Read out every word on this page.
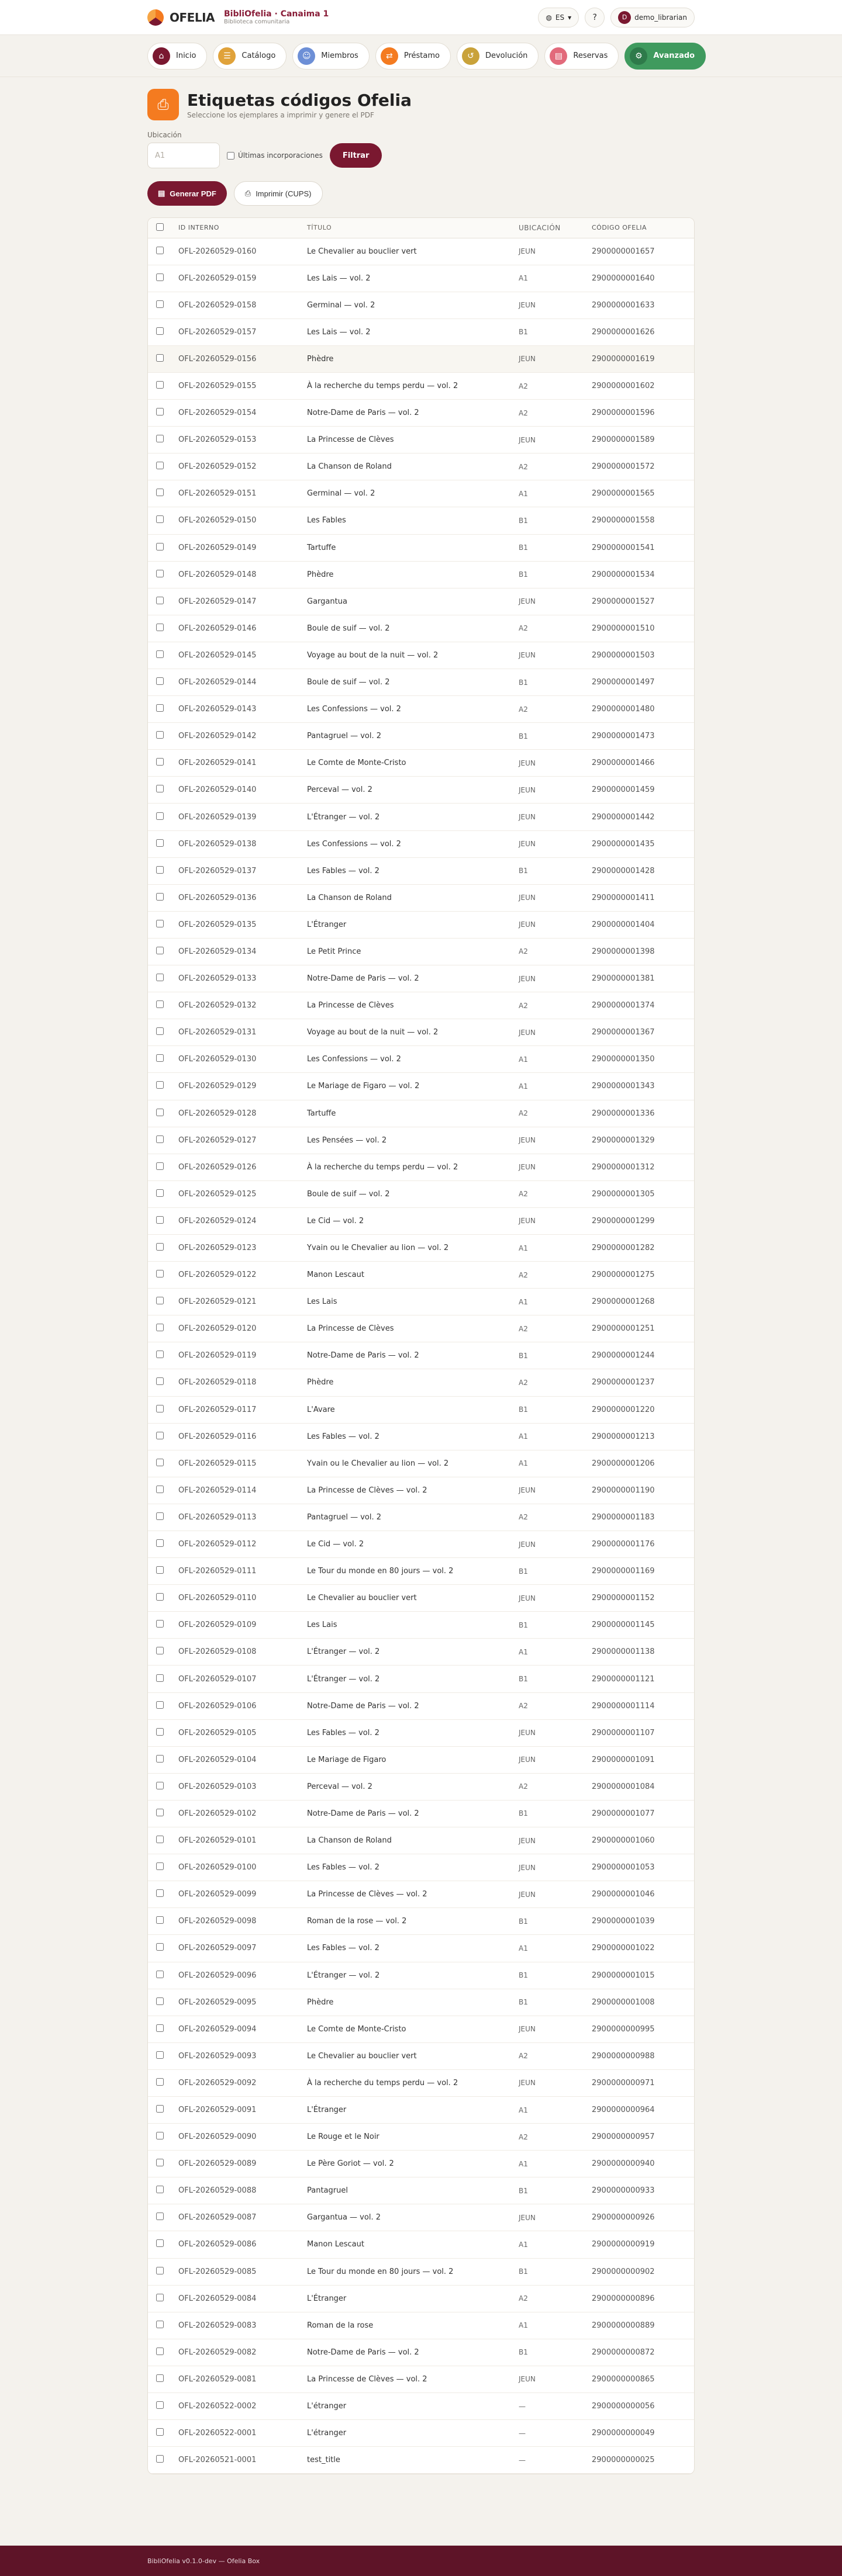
OFELIA BibliOfelia · Canaima 1
Biblioteca comunitaria
◍ ES ▾	?	D	demo_librarian
⌂	Inicio	☰	Catálogo	☺	Miembros	⇄	Préstamo	↺	Devolución	▤	Reservas	⚙	Avanzado
⎙	Etiquetas códigos Ofelia
Seleccione los ejemplares a imprimir y genere el PDF
Ubicación
A1
Últimas incorporaciones	Filtrar
▤ Generar PDF	⎙ Imprimir (CUPS)
	ID INTERNO	TÍTULO	UBICACIÓN	CÓDIGO OFELIA
	OFL-20260529-0160	Le Chevalier au bouclier vert	JEUN	2900000001657
	OFL-20260529-0159	Les Lais — vol. 2	A1	2900000001640
	OFL-20260529-0158	Germinal — vol. 2	JEUN	2900000001633
	OFL-20260529-0157	Les Lais — vol. 2	B1	2900000001626
	OFL-20260529-0156	Phèdre	JEUN	2900000001619
	OFL-20260529-0155	À la recherche du temps perdu — vol. 2	A2	2900000001602
	OFL-20260529-0154	Notre-Dame de Paris — vol. 2	A2	2900000001596
	OFL-20260529-0153	La Princesse de Clèves	JEUN	2900000001589
	OFL-20260529-0152	La Chanson de Roland	A2	2900000001572
	OFL-20260529-0151	Germinal — vol. 2	A1	2900000001565
	OFL-20260529-0150	Les Fables	B1	2900000001558
	OFL-20260529-0149	Tartuffe	B1	2900000001541
	OFL-20260529-0148	Phèdre	B1	2900000001534
	OFL-20260529-0147	Gargantua	JEUN	2900000001527
	OFL-20260529-0146	Boule de suif — vol. 2	A2	2900000001510
	OFL-20260529-0145	Voyage au bout de la nuit — vol. 2	JEUN	2900000001503
	OFL-20260529-0144	Boule de suif — vol. 2	B1	2900000001497
	OFL-20260529-0143	Les Confessions — vol. 2	A2	2900000001480
	OFL-20260529-0142	Pantagruel — vol. 2	B1	2900000001473
	OFL-20260529-0141	Le Comte de Monte-Cristo	JEUN	2900000001466
	OFL-20260529-0140	Perceval — vol. 2	JEUN	2900000001459
	OFL-20260529-0139	L'Étranger — vol. 2	JEUN	2900000001442
	OFL-20260529-0138	Les Confessions — vol. 2	JEUN	2900000001435
	OFL-20260529-0137	Les Fables — vol. 2	B1	2900000001428
	OFL-20260529-0136	La Chanson de Roland	JEUN	2900000001411
	OFL-20260529-0135	L'Étranger	JEUN	2900000001404
	OFL-20260529-0134	Le Petit Prince	A2	2900000001398
	OFL-20260529-0133	Notre-Dame de Paris — vol. 2	JEUN	2900000001381
	OFL-20260529-0132	La Princesse de Clèves	A2	2900000001374
	OFL-20260529-0131	Voyage au bout de la nuit — vol. 2	JEUN	2900000001367
	OFL-20260529-0130	Les Confessions — vol. 2	A1	2900000001350
	OFL-20260529-0129	Le Mariage de Figaro — vol. 2	A1	2900000001343
	OFL-20260529-0128	Tartuffe	A2	2900000001336
	OFL-20260529-0127	Les Pensées — vol. 2	JEUN	2900000001329
	OFL-20260529-0126	À la recherche du temps perdu — vol. 2	JEUN	2900000001312
	OFL-20260529-0125	Boule de suif — vol. 2	A2	2900000001305
	OFL-20260529-0124	Le Cid — vol. 2	JEUN	2900000001299
	OFL-20260529-0123	Yvain ou le Chevalier au lion — vol. 2	A1	2900000001282
	OFL-20260529-0122	Manon Lescaut	A2	2900000001275
	OFL-20260529-0121	Les Lais	A1	2900000001268
	OFL-20260529-0120	La Princesse de Clèves	A2	2900000001251
	OFL-20260529-0119	Notre-Dame de Paris — vol. 2	B1	2900000001244
	OFL-20260529-0118	Phèdre	A2	2900000001237
	OFL-20260529-0117	L'Avare	B1	2900000001220
	OFL-20260529-0116	Les Fables — vol. 2	A1	2900000001213
	OFL-20260529-0115	Yvain ou le Chevalier au lion — vol. 2	A1	2900000001206
	OFL-20260529-0114	La Princesse de Clèves — vol. 2	JEUN	2900000001190
	OFL-20260529-0113	Pantagruel — vol. 2	A2	2900000001183
	OFL-20260529-0112	Le Cid — vol. 2	JEUN	2900000001176
	OFL-20260529-0111	Le Tour du monde en 80 jours — vol. 2	B1	2900000001169
	OFL-20260529-0110	Le Chevalier au bouclier vert	JEUN	2900000001152
	OFL-20260529-0109	Les Lais	B1	2900000001145
	OFL-20260529-0108	L'Étranger — vol. 2	A1	2900000001138
	OFL-20260529-0107	L'Étranger — vol. 2	B1	2900000001121
	OFL-20260529-0106	Notre-Dame de Paris — vol. 2	A2	2900000001114
	OFL-20260529-0105	Les Fables — vol. 2	JEUN	2900000001107
	OFL-20260529-0104	Le Mariage de Figaro	JEUN	2900000001091
	OFL-20260529-0103	Perceval — vol. 2	A2	2900000001084
	OFL-20260529-0102	Notre-Dame de Paris — vol. 2	B1	2900000001077
	OFL-20260529-0101	La Chanson de Roland	JEUN	2900000001060
	OFL-20260529-0100	Les Fables — vol. 2	JEUN	2900000001053
	OFL-20260529-0099	La Princesse de Clèves — vol. 2	JEUN	2900000001046
	OFL-20260529-0098	Roman de la rose — vol. 2	B1	2900000001039
	OFL-20260529-0097	Les Fables — vol. 2	A1	2900000001022
	OFL-20260529-0096	L'Étranger — vol. 2	B1	2900000001015
	OFL-20260529-0095	Phèdre	B1	2900000001008
	OFL-20260529-0094	Le Comte de Monte-Cristo	JEUN	2900000000995
	OFL-20260529-0093	Le Chevalier au bouclier vert	A2	2900000000988
	OFL-20260529-0092	À la recherche du temps perdu — vol. 2	JEUN	2900000000971
	OFL-20260529-0091	L'Étranger	A1	2900000000964
	OFL-20260529-0090	Le Rouge et le Noir	A2	2900000000957
	OFL-20260529-0089	Le Père Goriot — vol. 2	A1	2900000000940
	OFL-20260529-0088	Pantagruel	B1	2900000000933
	OFL-20260529-0087	Gargantua — vol. 2	JEUN	2900000000926
	OFL-20260529-0086	Manon Lescaut	A1	2900000000919
	OFL-20260529-0085	Le Tour du monde en 80 jours — vol. 2	B1	2900000000902
	OFL-20260529-0084	L'Étranger	A2	2900000000896
	OFL-20260529-0083	Roman de la rose	A1	2900000000889
	OFL-20260529-0082	Notre-Dame de Paris — vol. 2	B1	2900000000872
	OFL-20260529-0081	La Princesse de Clèves — vol. 2	JEUN	2900000000865
	OFL-20260522-0002	L'étranger	—	2900000000056
	OFL-20260522-0001	L'étranger	—	2900000000049
	OFL-20260521-0001	test_title	—	2900000000025
BibliOfelia v0.1.0-dev — Ofelia Box
